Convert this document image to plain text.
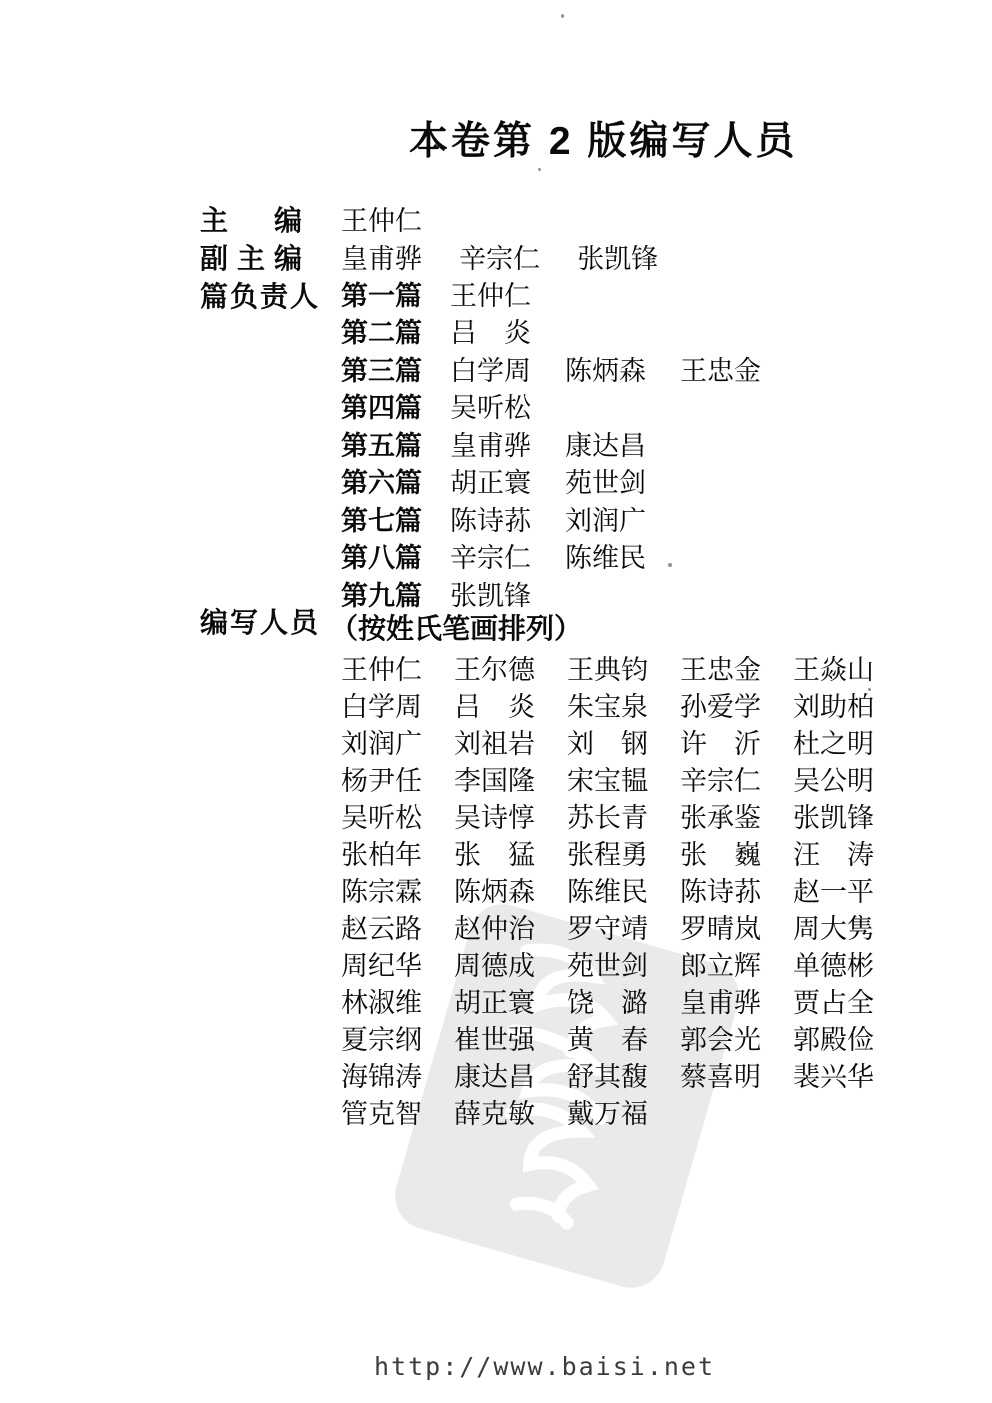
本卷第 2 版编写人员
主 编 王仲仁
副 主 编 皇甫骅 辛宗仁 张凯锋
篇负责人 第一篇 王仲仁
第二篇 吕　炎
第三篇 白学周 陈炳森 王忠金
第四篇 吴听松
第五篇 皇甫骅 康达昌
第六篇 胡正寰 苑世剑
第七篇 陈诗荪 刘润广
第八篇 辛宗仁 陈维民
第九篇 张凯锋
编写人员 （按姓氏笔画排列）
王仲仁	王尔德	王典钧	王忠金	王焱山
白学周	吕　炎	朱宝泉	孙爱学	刘助柏
刘润广	刘祖岩	刘　钢	许　沂	杜之明
杨尹任	李国隆	宋宝韫	辛宗仁	吴公明
吴听松	吴诗惇	苏长青	张承鉴	张凯锋
张柏年	张　猛	张程勇	张　巍	汪　涛
陈宗霖	陈炳森	陈维民	陈诗荪	赵一平
赵云路	赵仲治	罗守靖	罗晴岚	周大隽
周纪华	周德成	苑世剑	郎立辉	单德彬
林淑维	胡正寰	饶　潞	皇甫骅	贾占全
夏宗纲	崔世强	黄　春	郭会光	郭殿俭
海锦涛	康达昌	舒其馥	蔡喜明	裴兴华
管克智	薛克敏	戴万福
http://www.baisi.net
